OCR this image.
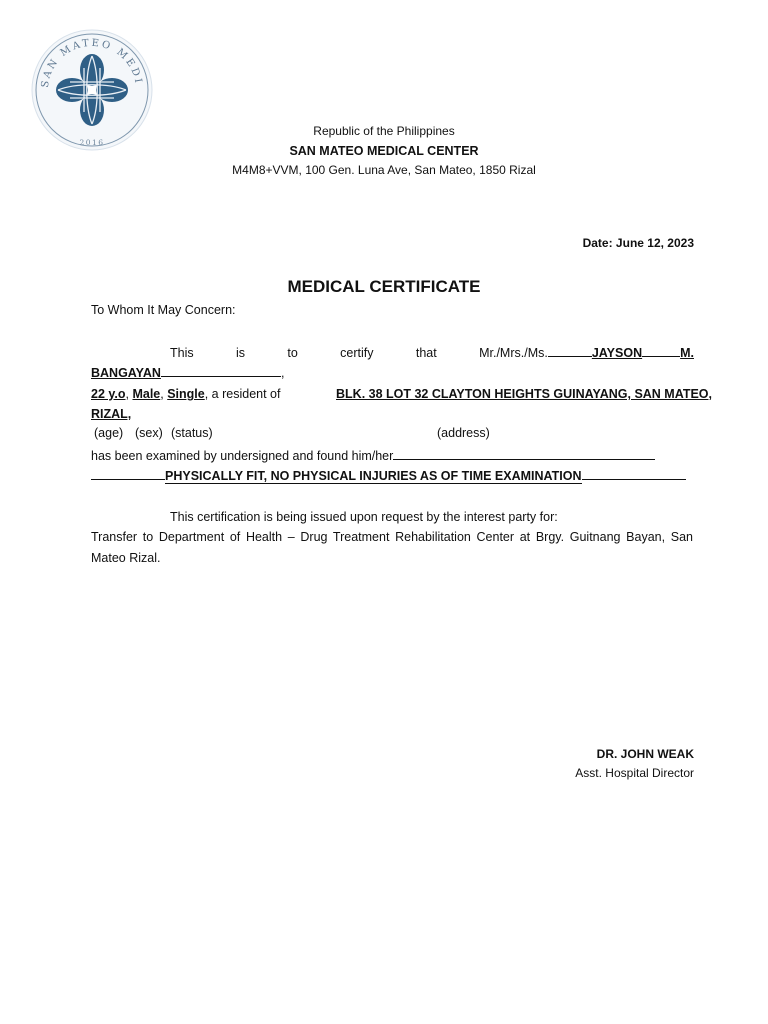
SAN MATEO MEDI
2016
Republic of the Philippines
SAN MATEO MEDICAL CENTER
M4M8+VVM, 100 Gen. Luna Ave, San Mateo, 1850 Rizal
Date: June 12, 2023
MEDICAL CERTIFICATE
To Whom It May Concern:
This	is	to	certify	that	Mr./Mrs./Ms.	JAYSON	M.
BANGAYAN	,
22 y.o, Male, Single, a resident of	BLK. 38 LOT 32 CLAYTON HEIGHTS GUINAYANG, SAN MATEO,
RIZAL,
(age) (sex) (status)	(address)
has been examined by undersigned and found him/her
PHYSICALLY FIT, NO PHYSICAL INJURIES AS OF TIME EXAMINATION
This certification is being issued upon request by the interest party for:
Transfer to Department of Health – Drug Treatment Rehabilitation Center at Brgy. Guitnang Bayan, San Mateo Rizal.
DR. JOHN WEAK
Asst. Hospital Director
